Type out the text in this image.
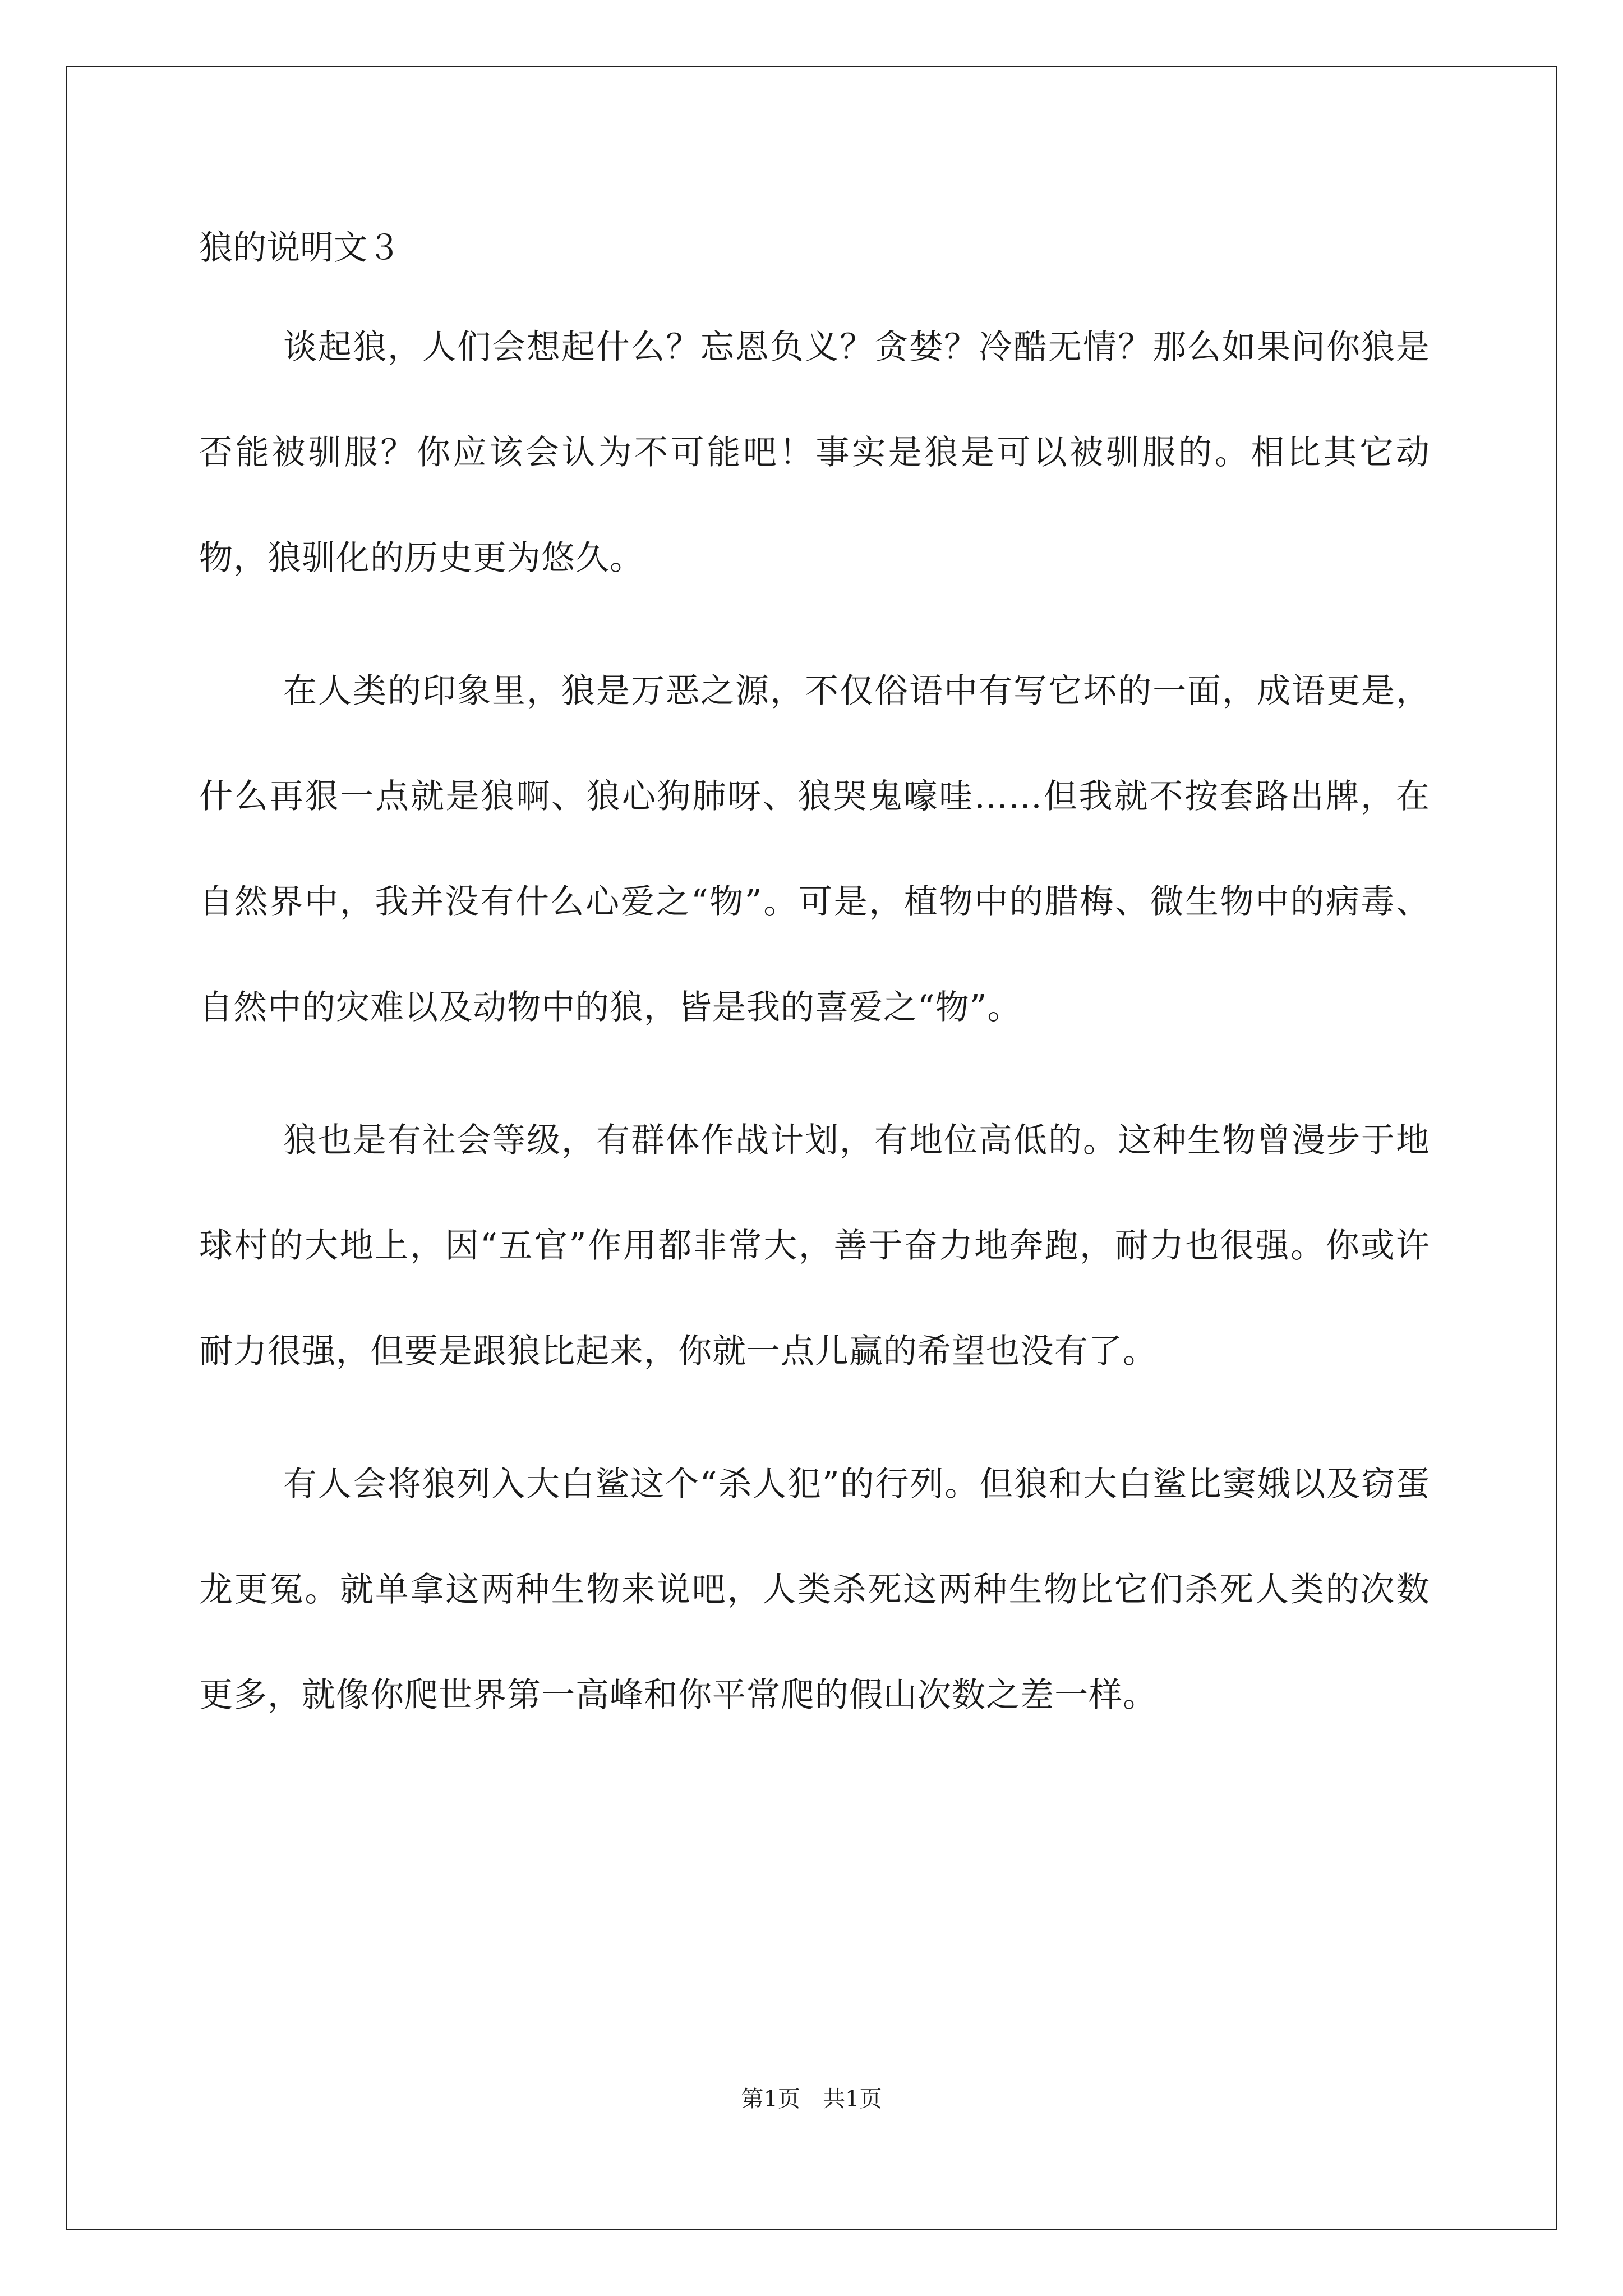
狼的说明文３

谈起狼，人们会想起什么？忘恩负义？贪婪？冷酷无情？那么如果问你狼是否能被驯服？你应该会认为不可能吧！事实是狼是可以被驯服的。相比其它动物，狼驯化的历史更为悠久。

在人类的印象里，狼是万恶之源，不仅俗语中有写它坏的一面，成语更是，什么再狠一点就是狼啊、狼心狗肺呀、狼哭鬼嚎哇……但我就不按套路出牌，在自然界中，我并没有什么心爱之“物”。可是，植物中的腊梅、微生物中的病毒、自然中的灾难以及动物中的狼，皆是我的喜爱之“物”。

狼也是有社会等级，有群体作战计划，有地位高低的。这种生物曾漫步于地球村的大地上，因“五官”作用都非常大，善于奋力地奔跑，耐力也很强。你或许耐力很强，但要是跟狼比起来，你就一点儿赢的希望也没有了。

有人会将狼列入大白鲨这个“杀人犯”的行列。但狼和大白鲨比窦娥以及窃蛋龙更冤。就单拿这两种生物来说吧，人类杀死这两种生物比它们杀死人类的次数更多，就像你爬世界第一高峰和你平常爬的假山次数之差一样。

第1页　共1页
